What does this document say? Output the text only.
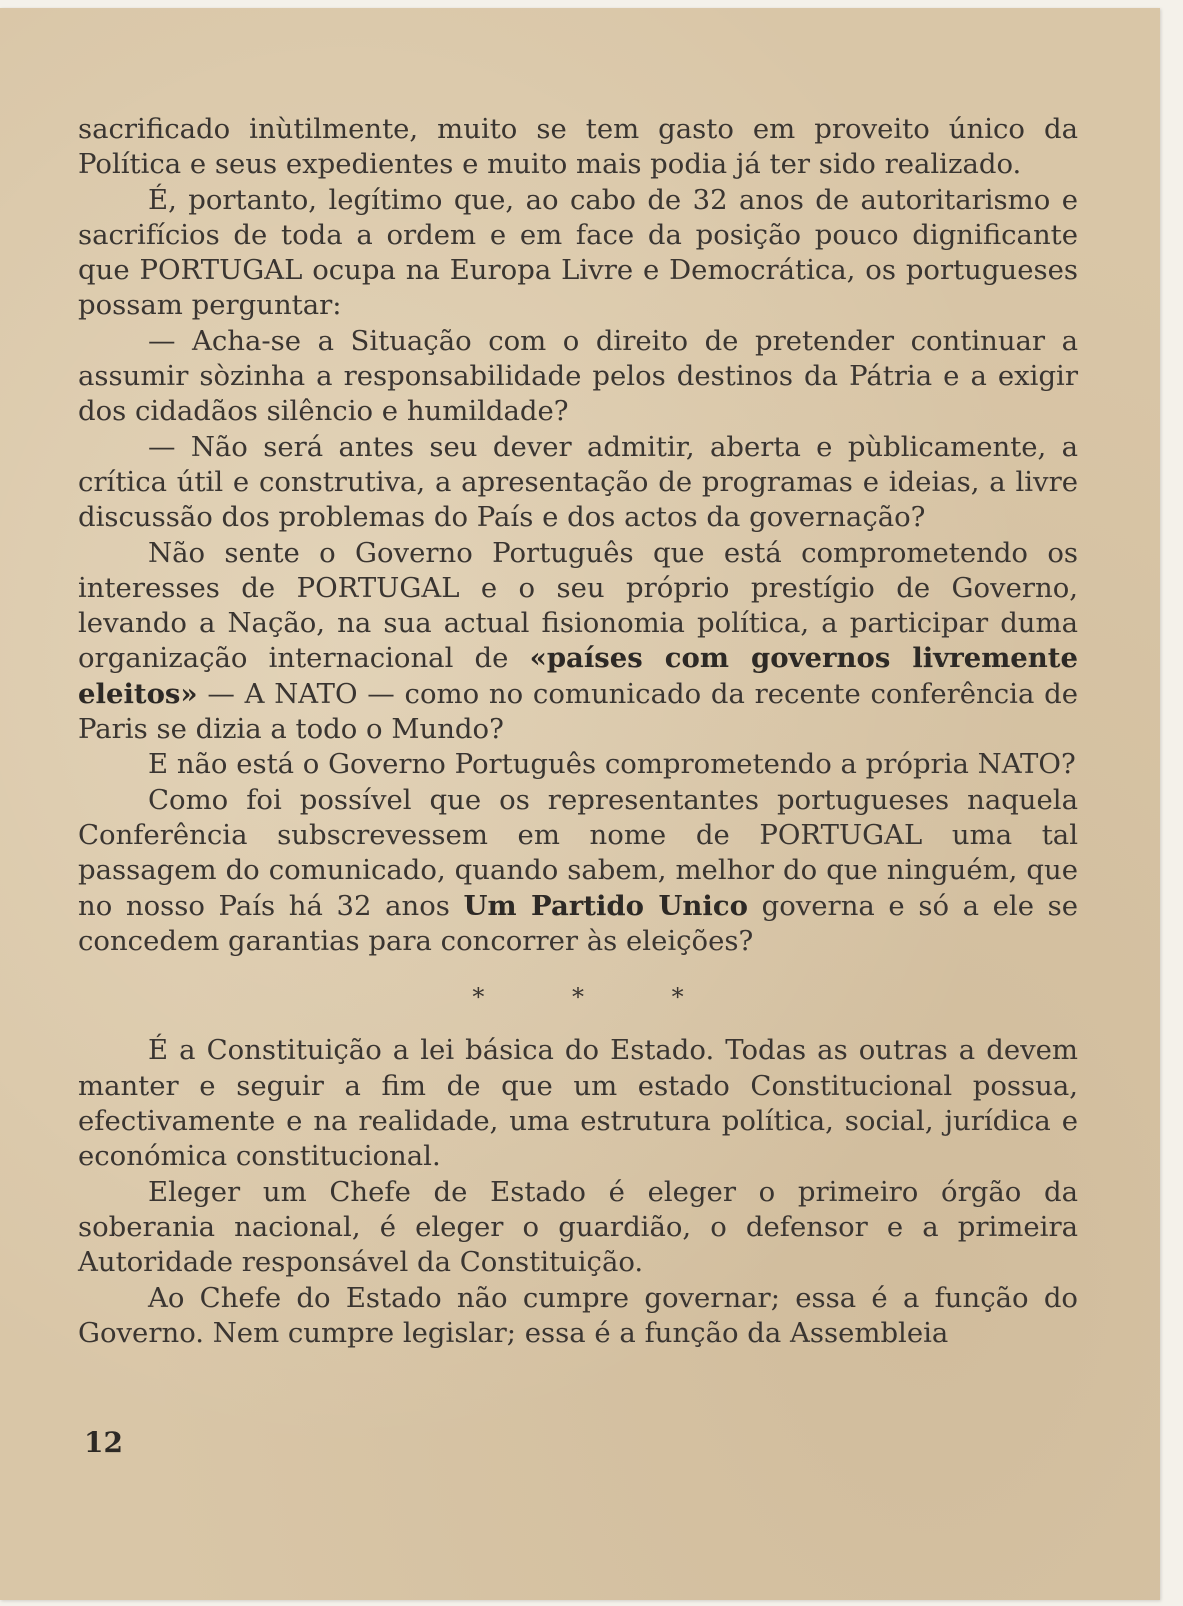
sacrificado inùtilmente, muito se tem gasto em proveito único da Política e seus expedientes e muito mais podia já ter sido realizado.

É, portanto, legítimo que, ao cabo de 32 anos de autoritarismo e sacrifícios de toda a ordem e em face da posição pouco dignificante que PORTUGAL ocupa na Europa Livre e Democrática, os portugueses possam perguntar:

— Acha-se a Situação com o direito de pretender continuar a assumir sòzinha a responsabilidade pelos destinos da Pátria e a exigir dos cidadãos silêncio e humildade?

— Não será antes seu dever admitir, aberta e pùblicamente, a crítica útil e construtiva, a apresentação de programas e ideias, a livre discussão dos problemas do País e dos actos da governação?

Não sente o Governo Português que está comprometendo os interesses de PORTUGAL e o seu próprio prestígio de Governo, levando a Nação, na sua actual fisionomia política, a participar duma organização internacional de «países com governos livremente eleitos» — A NATO — como no comunicado da recente conferência de Paris se dizia a todo o Mundo?

E não está o Governo Português comprometendo a própria NATO?

Como foi possível que os representantes portugueses naquela Conferência subscrevessem em nome de PORTUGAL uma tal passagem do comunicado, quando sabem, melhor do que ninguém, que no nosso País há 32 anos Um Partido Unico governa e só a ele se concedem garantias para concorrer às eleições?

* * *

É a Constituição a lei básica do Estado. Todas as outras a devem manter e seguir a fim de que um estado Constitucional possua, efectivamente e na realidade, uma estrutura política, social, jurídica e económica constitucional.

Eleger um Chefe de Estado é eleger o primeiro órgão da soberania nacional, é eleger o guardião, o defensor e a primeira Autoridade responsável da Constituição.

Ao Chefe do Estado não cumpre governar; essa é a função do Governo. Nem cumpre legislar; essa é a função da Assembleia

12
